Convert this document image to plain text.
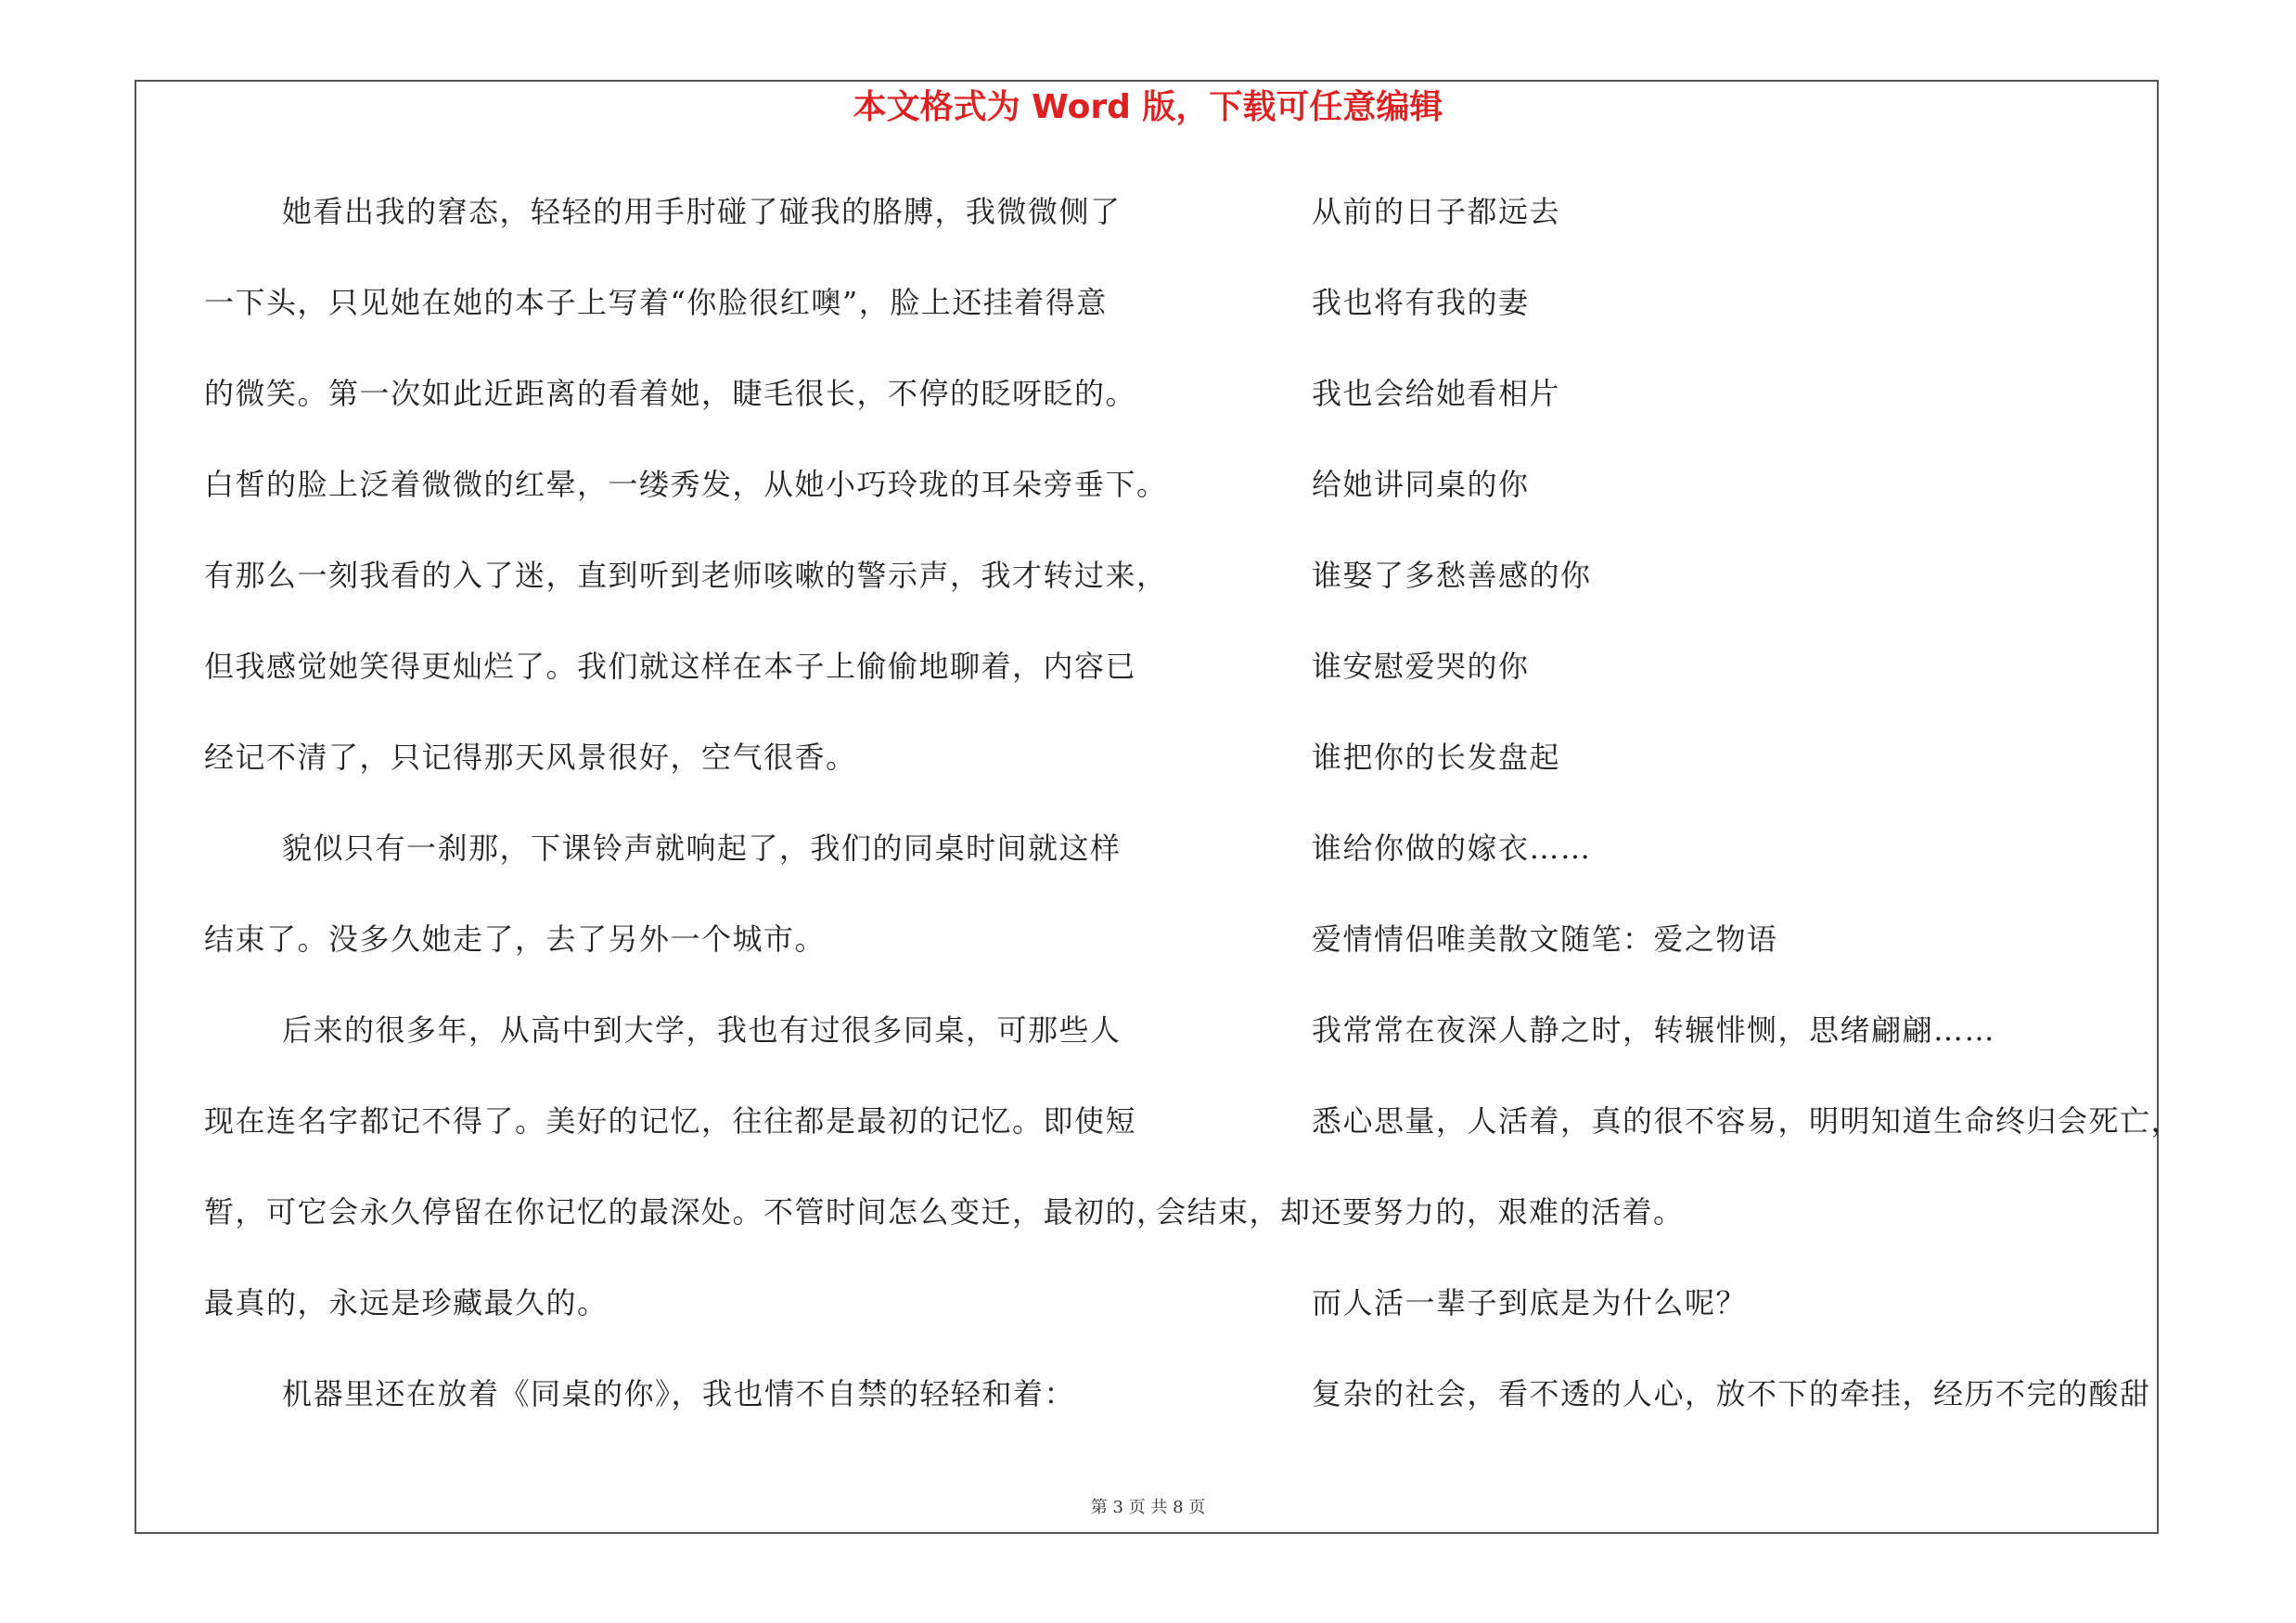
本文格式为 Word 版，下载可任意编辑
她看出我的窘态，轻轻的用手肘碰了碰我的胳膊，我微微侧了
一下头，只见她在她的本子上写着“你脸很红噢”，脸上还挂着得意
的微笑。第一次如此近距离的看着她，睫毛很长，不停的眨呀眨的。
白皙的脸上泛着微微的红晕，一缕秀发，从她小巧玲珑的耳朵旁垂下。
有那么一刻我看的入了迷，直到听到老师咳嗽的警示声，我才转过来，
但我感觉她笑得更灿烂了。我们就这样在本子上偷偷地聊着，内容已
经记不清了，只记得那天风景很好，空气很香。
貌似只有一刹那，下课铃声就响起了，我们的同桌时间就这样
结束了。没多久她走了，去了另外一个城市。
后来的很多年，从高中到大学，我也有过很多同桌，可那些人
现在连名字都记不得了。美好的记忆，往往都是最初的记忆。即使短
暂，可它会永久停留在你记忆的最深处。不管时间怎么变迁，最初的，
最真的，永远是珍藏最久的。
机器里还在放着《同桌的你》，我也情不自禁的轻轻和着：
从前的日子都远去
我也将有我的妻
我也会给她看相片
给她讲同桌的你
谁娶了多愁善感的你
谁安慰爱哭的你
谁把你的长发盘起
谁给你做的嫁衣……
爱情情侣唯美散文随笔：爱之物语
我常常在夜深人静之时，转辗悱恻，思绪翩翩……
悉心思量，人活着，真的很不容易，明明知道生命终归会死亡，
会结束，却还要努力的，艰难的活着。
而人活一辈子到底是为什么呢？
复杂的社会，看不透的人心，放不下的牵挂，经历不完的酸甜
第 3 页 共 8 页
